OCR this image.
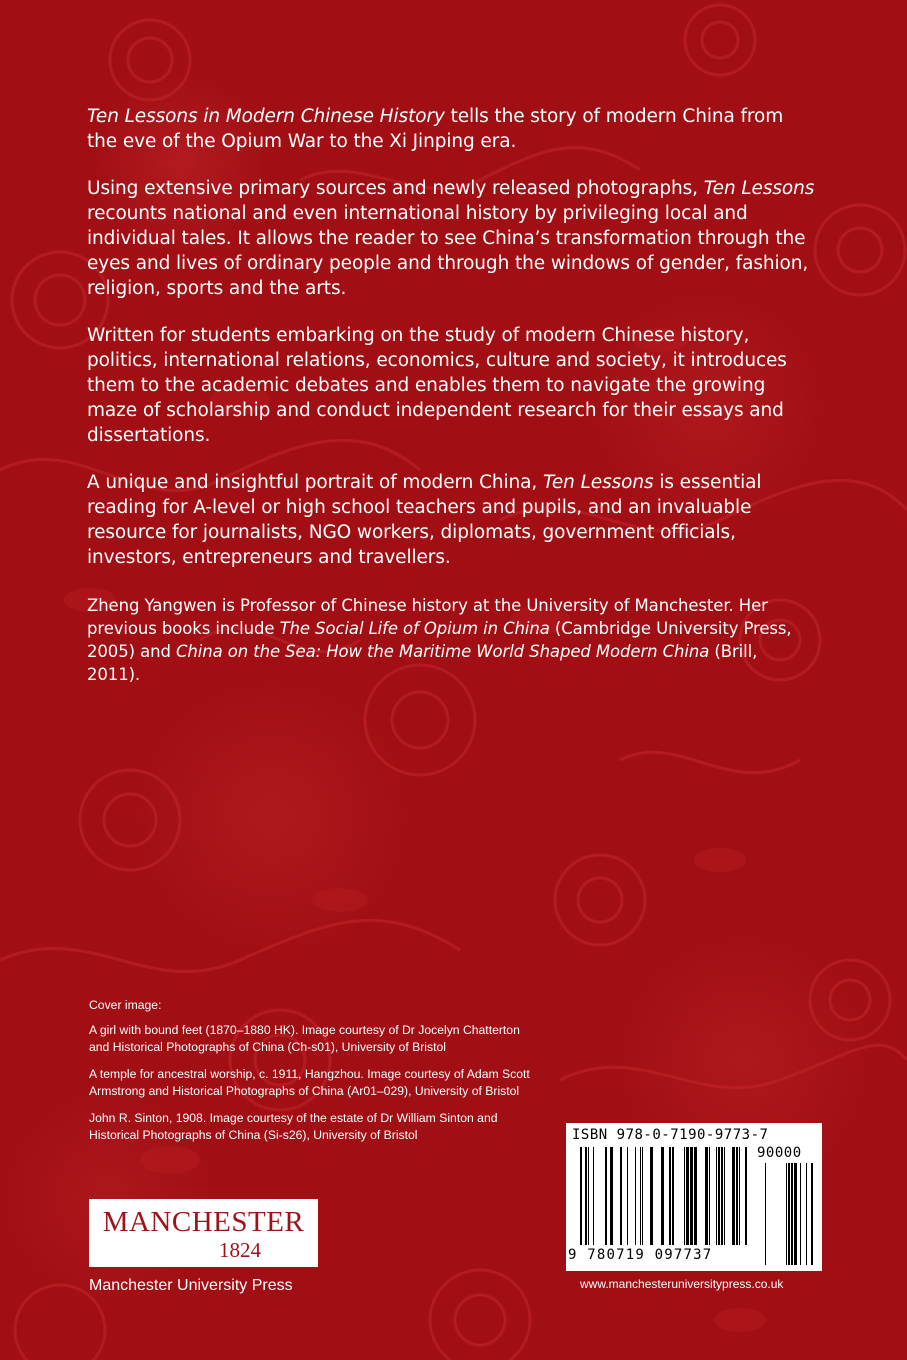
Ten Lessons in Modern Chinese History tells the story of modern China from the eve of the Opium War to the Xi Jinping era.

Using extensive primary sources and newly released photographs, Ten Lessons recounts national and even international history by privileging local and individual tales. It allows the reader to see China’s transformation through the eyes and lives of ordinary people and through the windows of gender, fashion, religion, sports and the arts.

Written for students embarking on the study of modern Chinese history, politics, international relations, economics, culture and society, it introduces them to the academic debates and enables them to navigate the growing maze of scholarship and conduct independent research for their essays and dissertations.

A unique and insightful portrait of modern China, Ten Lessons is essential reading for A-level or high school teachers and pupils, and an invaluable resource for journalists, NGO workers, diplomats, government officials, investors, entrepreneurs and travellers.

Zheng Yangwen is Professor of Chinese history at the University of Manchester. Her previous books include The Social Life of Opium in China (Cambridge University Press, 2005) and China on the Sea: How the Maritime World Shaped Modern China (Brill, 2011).

Cover image:

A girl with bound feet (1870–1880 HK). Image courtesy of Dr Jocelyn Chatterton and Historical Photographs of China (Ch-s01), University of Bristol

A temple for ancestral worship, c. 1911, Hangzhou. Image courtesy of Adam Scott Armstrong and Historical Photographs of China (Ar01–029), University of Bristol

John R. Sinton, 1908. Image courtesy of the estate of Dr William Sinton and Historical Photographs of China (Si-s26), University of Bristol

MANCHESTER
1824
Manchester University Press
ISBN 978-0-7190-9773-7
90000
9 780719 097737
www.manchesteruniversitypress.co.uk
